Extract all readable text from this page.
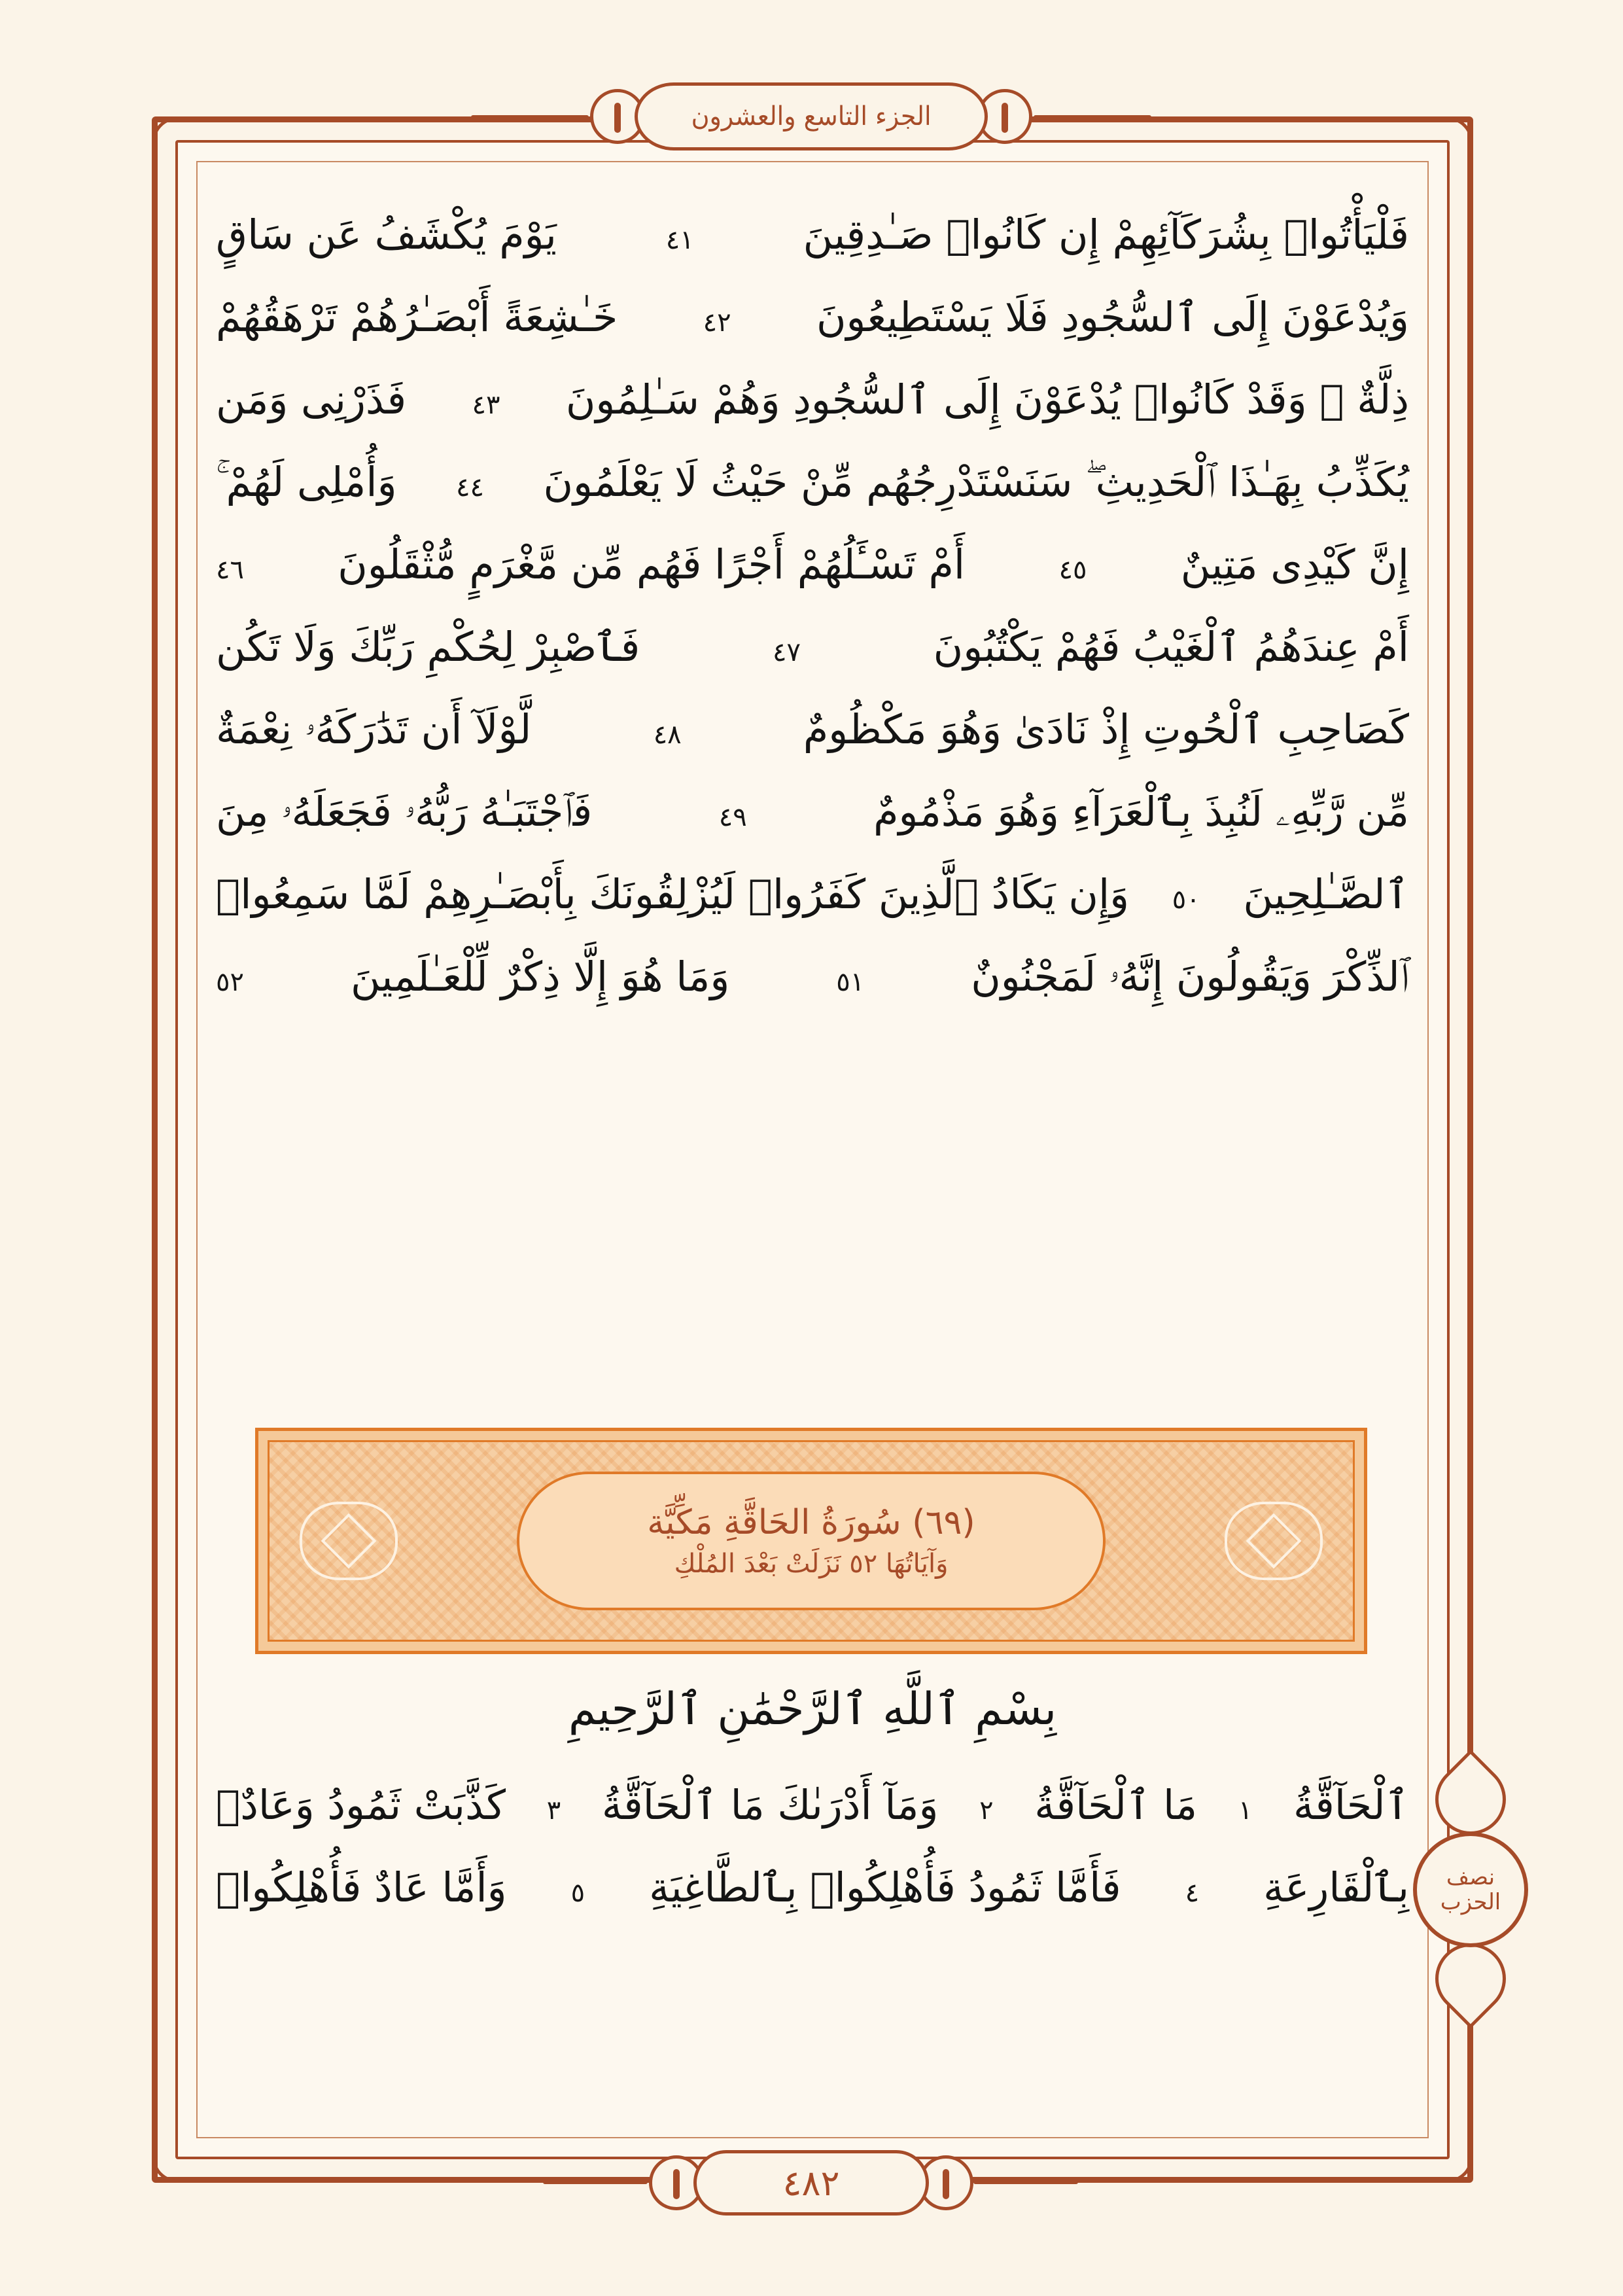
الجزء التاسع والعشرون
فَلْيَأْتُوا۟ بِشُرَكَآئِهِمْ إِن كَانُوا۟ صَـٰدِقِينَ
٤١
يَوْمَ يُكْشَفُ عَن سَاقٍ
وَيُدْعَوْنَ إِلَى ٱلسُّجُودِ فَلَا يَسْتَطِيعُونَ
٤٢
خَـٰشِعَةً أَبْصَـٰرُهُمْ تَرْهَقُهُمْ
ذِلَّةٌ ۖ وَقَدْ كَانُوا۟ يُدْعَوْنَ إِلَى ٱلسُّجُودِ وَهُمْ سَـٰلِمُونَ
٤٣
فَذَرْنِى وَمَن
يُكَذِّبُ بِهَـٰذَا ٱلْحَدِيثِ ۖ سَنَسْتَدْرِجُهُم مِّنْ حَيْثُ لَا يَعْلَمُونَ
٤٤
وَأُمْلِى لَهُمْ ۚ
إِنَّ كَيْدِى مَتِينٌ
٤٥
أَمْ تَسْـَٔلُهُمْ أَجْرًا فَهُم مِّن مَّغْرَمٍ مُّثْقَلُونَ
٤٦
أَمْ عِندَهُمُ ٱلْغَيْبُ فَهُمْ يَكْتُبُونَ
٤٧
فَٱصْبِرْ لِحُكْمِ رَبِّكَ وَلَا تَكُن
كَصَاحِبِ ٱلْحُوتِ إِذْ نَادَىٰ وَهُوَ مَكْظُومٌ
٤٨
لَّوْلَآ أَن تَدَٰرَكَهُۥ نِعْمَةٌ
مِّن رَّبِّهِۦ لَنُبِذَ بِٱلْعَرَآءِ وَهُوَ مَذْمُومٌ
٤٩
فَٱجْتَبَـٰهُ رَبُّهُۥ فَجَعَلَهُۥ مِنَ
ٱلصَّـٰلِحِينَ
٥٠
وَإِن يَكَادُ ٱلَّذِينَ كَفَرُوا۟ لَيُزْلِقُونَكَ بِأَبْصَـٰرِهِمْ لَمَّا سَمِعُوا۟
ٱلذِّكْرَ وَيَقُولُونَ إِنَّهُۥ لَمَجْنُونٌ
٥١
وَمَا هُوَ إِلَّا ذِكْرٌ لِّلْعَـٰلَمِينَ
٥٢
(٦٩) سُورَةُ الحَاقَّةِ مَكِّيَّة
وَآيَاتُهَا ٥٢ نَزَلَتْ بَعْدَ المُلْكِ
بِسْمِ ٱللَّهِ ٱلرَّحْمَٰنِ ٱلرَّحِيمِ
ٱلْحَآقَّةُ
١
مَا ٱلْحَآقَّةُ
٢
وَمَآ أَدْرَىٰكَ مَا ٱلْحَآقَّةُ
٣
كَذَّبَتْ ثَمُودُ وَعَادٌۢ
بِٱلْقَارِعَةِ
٤
فَأَمَّا ثَمُودُ فَأُهْلِكُوا۟ بِٱلطَّاغِيَةِ
٥
وَأَمَّا عَادٌ فَأُهْلِكُوا۟	نصف الحزب
٤٨٢
